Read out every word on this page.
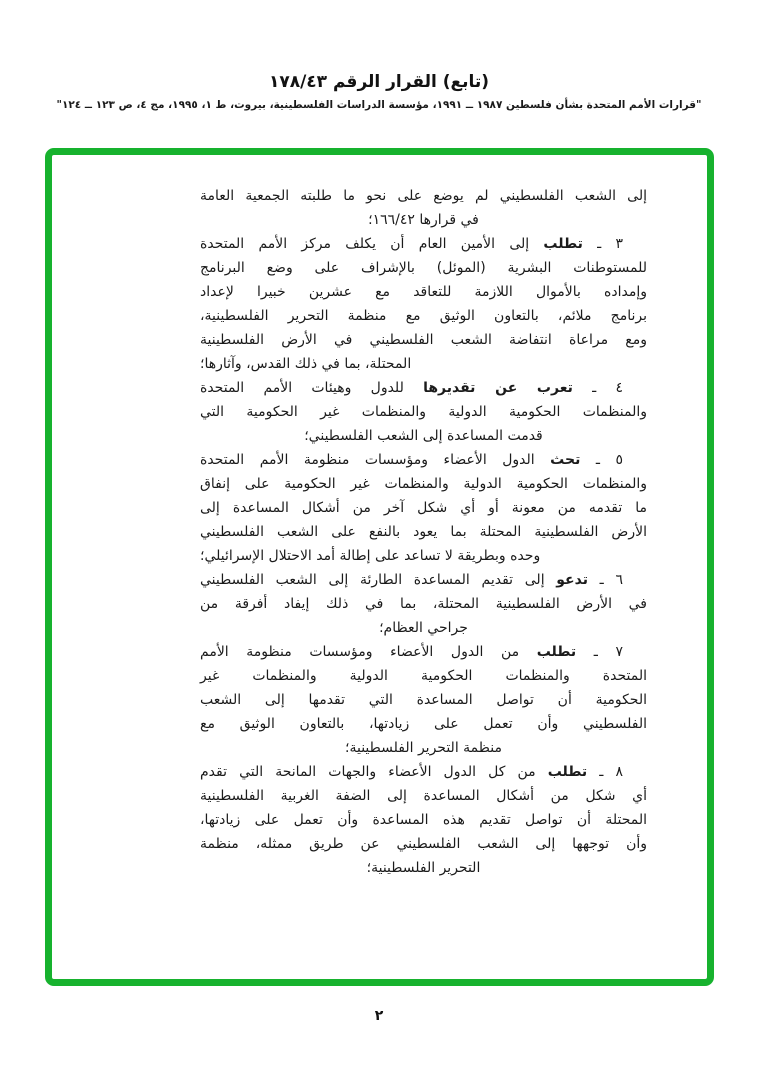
(تابع) القرار الرقم ١٧٨/٤٣
"قرارات الأمم المتحدة بشأن فلسطين ١٩٨٧ ــ ١٩٩١، مؤسسة الدراسات الفلسطينية، بيروت، ط ١، ١٩٩٥، مج ٤، ص ١٢٣ ــ ١٢٤"
إلى الشعب الفلسطيني لم يوضع على نحو ما طلبته الجمعية العامة
في قرارها ١٦٦/٤٢؛
٣ ـ تطلب إلى الأمين العام أن يكلف مركز الأمم المتحدة
للمستوطنات البشرية (الموئل) بالإشراف على وضع البرنامج
وإمداده بالأموال اللازمة للتعاقد مع عشرين خبيرا لإعداد
برنامج ملائم، بالتعاون الوثيق مع منظمة التحرير الفلسطينية،
ومع مراعاة انتفاضة الشعب الفلسطيني في الأرض الفلسطينية
المحتلة، بما في ذلك القدس، وآثارها؛
٤ ـ تعرب عن تقديرها للدول وهيئات الأمم المتحدة
والمنظمات الحكومية الدولية والمنظمات غير الحكومية التي
قدمت المساعدة إلى الشعب الفلسطيني؛
٥ ـ تحث الدول الأعضاء ومؤسسات منظومة الأمم المتحدة
والمنظمات الحكومية الدولية والمنظمات غير الحكومية على إنفاق
ما تقدمه من معونة أو أي شكل آخر من أشكال المساعدة إلى
الأرض الفلسطينية المحتلة بما يعود بالنفع على الشعب الفلسطيني
وحده وبطريقة لا تساعد على إطالة أمد الاحتلال الإسرائيلي؛
٦ ـ تدعو إلى تقديم المساعدة الطارئة إلى الشعب الفلسطيني
في الأرض الفلسطينية المحتلة، بما في ذلك إيفاد أفرقة من
جراحي العظام؛
٧ ـ تطلب من الدول الأعضاء ومؤسسات منظومة الأمم
المتحدة والمنظمات الحكومية الدولية والمنظمات غير
الحكومية أن تواصل المساعدة التي تقدمها إلى الشعب
الفلسطيني وأن تعمل على زيادتها، بالتعاون الوثيق مع
منظمة التحرير الفلسطينية؛
٨ ـ تطلب من كل الدول الأعضاء والجهات المانحة التي تقدم
أي شكل من أشكال المساعدة إلى الضفة الغربية الفلسطينية
المحتلة أن تواصل تقديم هذه المساعدة وأن تعمل على زيادتها،
وأن توجهها إلى الشعب الفلسطيني عن طريق ممثله، منظمة
التحرير الفلسطينية؛
٢
